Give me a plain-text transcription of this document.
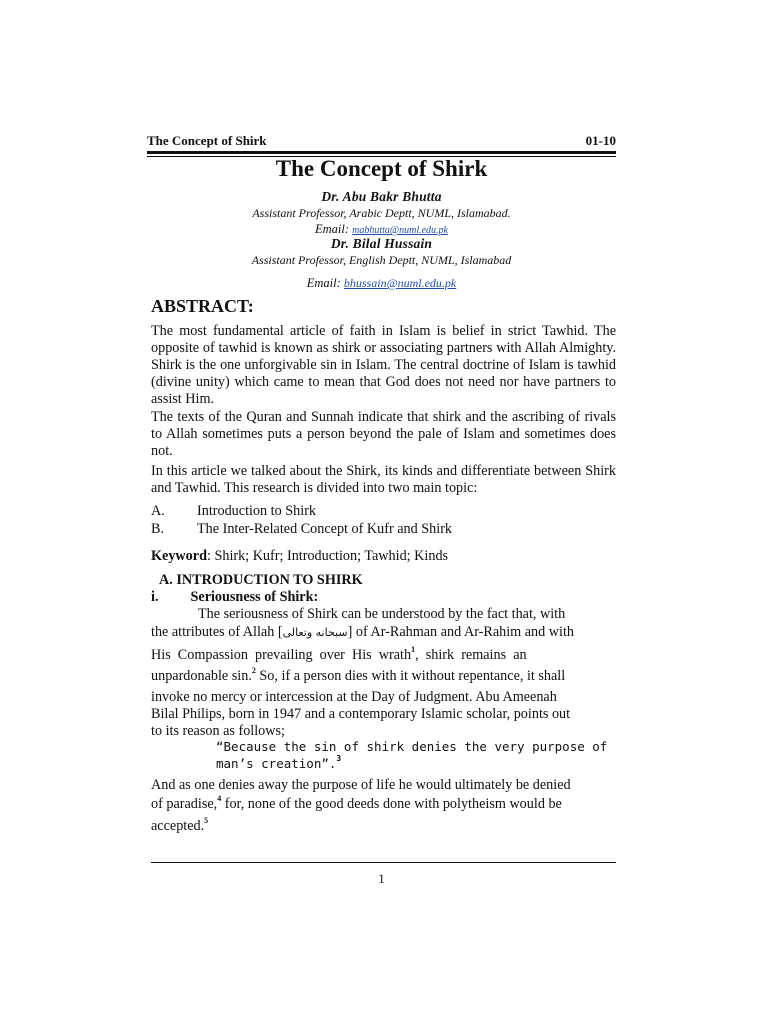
The Concept of Shirk	01-10
The Concept of Shirk
Dr. Abu Bakr Bhutta
Assistant Professor, Arabic Deptt, NUML, Islamabad.
Email: mabhutta@numl.edu.pk
Dr. Bilal Hussain
Assistant Professor, English Deptt, NUML, Islamabad
Email: bhussain@numl.edu.pk
ABSTRACT:
The most fundamental article of faith in Islam is belief in strict Tawhid. The opposite of tawhid is known as shirk or associating partners with Allah Almighty. Shirk is the one unforgivable sin in Islam. The central doctrine of Islam is tawhid (divine unity) which came to mean that God does not need nor have partners to assist Him.
The texts of the Quran and Sunnah indicate that shirk and the ascribing of rivals to Allah sometimes puts a person beyond the pale of Islam and sometimes does not.
In this article we talked about the Shirk, its kinds and differentiate between Shirk and Tawhid. This research is divided into two main topic:
A. Introduction to Shirk
B. The Inter-Related Concept of Kufr and Shirk
Keyword: Shirk; Kufr; Introduction; Tawhid; Kinds
A. INTRODUCTION TO SHIRK
i. Seriousness of Shirk:
The seriousness of Shirk can be understood by the fact that, with
the attributes of Allah [سبحانه وتعالى] of Ar-Rahman and Ar-Rahim and with
His  Compassion  prevailing  over  His  wrath$^1$,  shirk  remains  an
unpardonable sin.$^2$ So, if a person dies with it without repentance, it shall
invoke no mercy or intercession at the Day of Judgment. Abu Ameenah
Bilal Philips, born in 1947 and a contemporary Islamic scholar, points out
to its reason as follows;
“Because the sin of shirk denies the very purpose of
man’s creation”.$^3$
And as one denies away the purpose of life he would ultimately be denied
of paradise,$^4$ for, none of the good deeds done with polytheism would be
accepted.$^5$
1
